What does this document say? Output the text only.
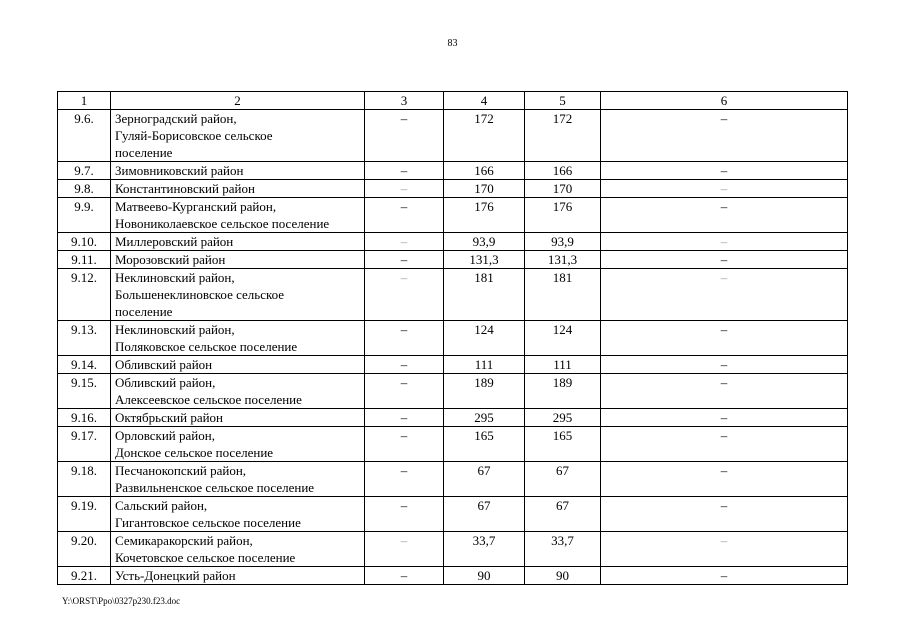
83
1	2	3	4	5	6
9.6.	Зерноградский район,
Гуляй-Борисовское сельское
поселение	–	172	172	–
9.7.	Зимовниковский район	–	166	166	–
9.8.	Константиновский район	–	170	170	–
9.9.	Матвеево-Курганский район,
Новониколаевское сельское поселение	–	176	176	–
9.10.	Миллеровский район	–	93,9	93,9	–
9.11.	Морозовский район	–	131,3	131,3	–
9.12.	Неклиновский район,
Большенеклиновское сельское
поселение	–	181	181	–
9.13.	Неклиновский район,
Поляковское сельское поселение	–	124	124	–
9.14.	Обливский район	–	111	111	–
9.15.	Обливский район,
Алексеевское сельское поселение	–	189	189	–
9.16.	Октябрьский район	–	295	295	–
9.17.	Орловский район,
Донское сельское поселение	–	165	165	–
9.18.	Песчанокопский район,
Развильненское сельское поселение	–	67	67	–
9.19.	Сальский район,
Гигантовское сельское поселение	–	67	67	–
9.20.	Семикаракорский район,
Кочетовское сельское поселение	–	33,7	33,7	–
9.21.	Усть-Донецкий район	–	90	90	–
Y:\ORST\Ppo\0327p230.f23.doc
